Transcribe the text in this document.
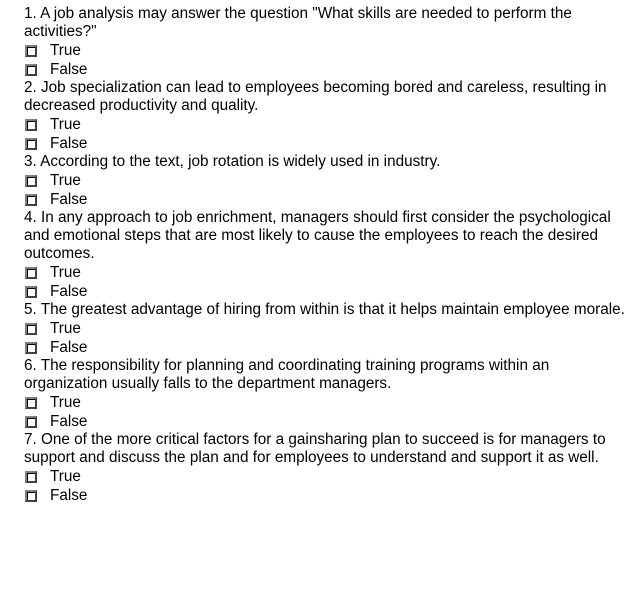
1. A job analysis may answer the question "What skills are needed to perform the activities?"

True
False

2. Job specialization can lead to employees becoming bored and careless, resulting in decreased productivity and quality.

True
False

3. According to the text, job rotation is widely used in industry.

True
False

4. In any approach to job enrichment, managers should first consider the psychological and emotional steps that are most likely to cause the employees to reach the desired outcomes.

True
False

5. The greatest advantage of hiring from within is that it helps maintain employee morale.

True
False

6. The responsibility for planning and coordinating training programs within an organization usually falls to the department managers.

True
False

7. One of the more critical factors for a gainsharing plan to succeed is for managers to support and discuss the plan and for employees to understand and support it as well.

True
False
